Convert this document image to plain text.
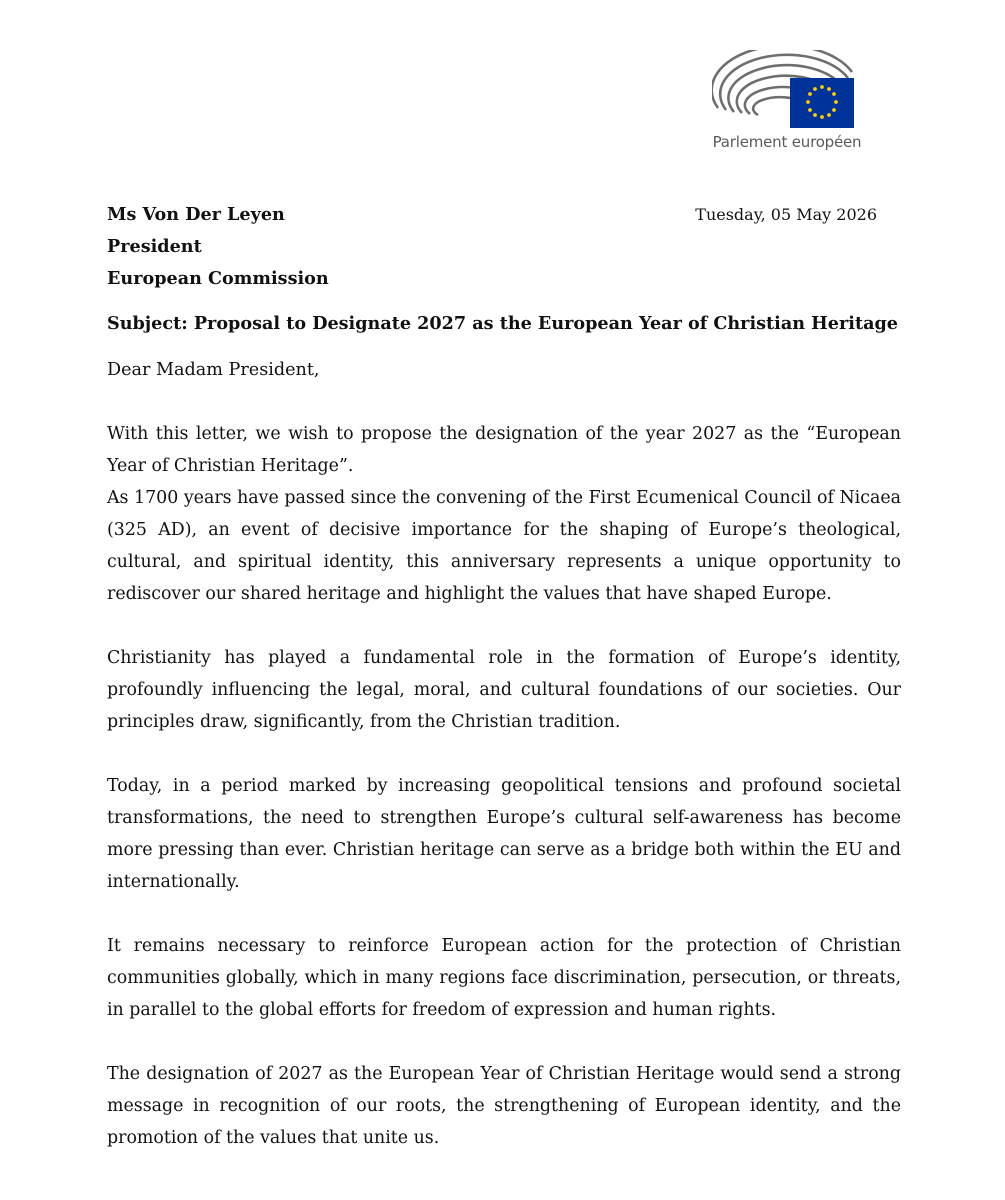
Parlement européen
Ms Von Der Leyen
President
European Commission
Tuesday, 05 May 2026
Subject: Proposal to Designate 2027 as the European Year of Christian Heritage
Dear Madam President,

With this letter, we wish to propose the designation of the year 2027 as the “European Year of Christian Heritage”.

As 1700 years have passed since the convening of the First Ecumenical Council of Nicaea (325 AD), an event of decisive importance for the shaping of Europe’s theological, cultural, and spiritual identity, this anniversary represents a unique opportunity to rediscover our shared heritage and highlight the values that have shaped Europe.

Christianity has played a fundamental role in the formation of Europe’s identity, profoundly influencing the legal, moral, and cultural foundations of our societies. Our principles draw, significantly, from the Christian tradition.

Today, in a period marked by increasing geopolitical tensions and profound societal transformations, the need to strengthen Europe’s cultural self-awareness has become more pressing than ever. Christian heritage can serve as a bridge both within the EU and internationally.

It remains necessary to reinforce European action for the protection of Christian communities globally, which in many regions face discrimination, persecution, or threats, in parallel to the global efforts for freedom of expression and human rights.

The designation of 2027 as the European Year of Christian Heritage would send a strong message in recognition of our roots, the strengthening of European identity, and the promotion of the values that unite us.
